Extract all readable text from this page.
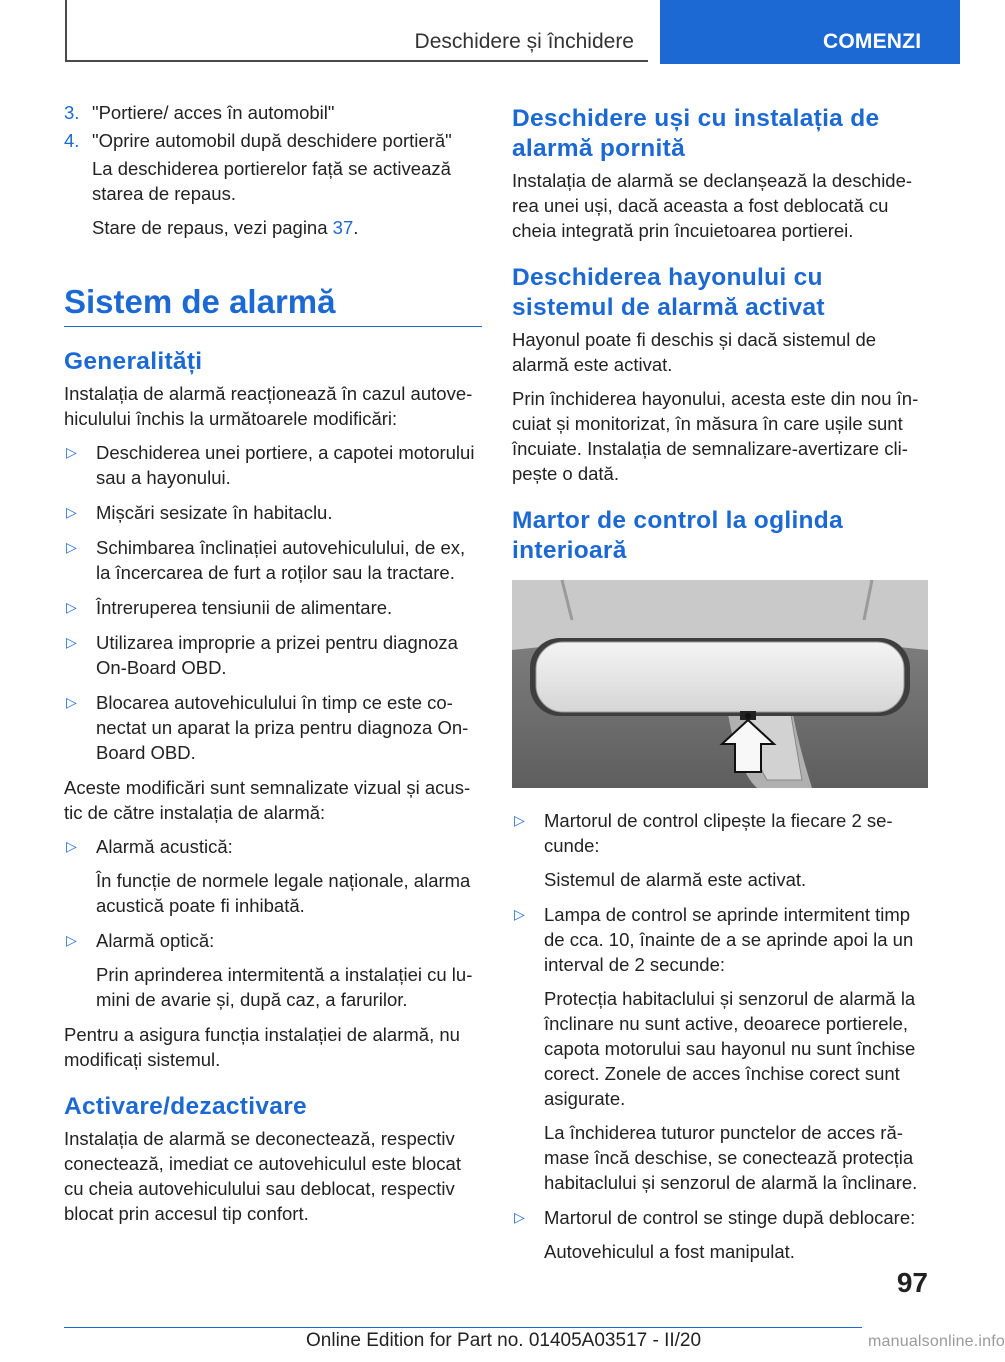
Deschidere și închidere	COMENZI
3. "Portiere/ acces în automobil"
4. "Oprire automobil după deschidere portieră"

La deschiderea portierelor față se activează starea de repaus.

Stare de repaus, vezi pagina 37.

Sistem de alarmă
Generalități

Instalația de alarmă reacționează în cazul autovehiculului închis la următoarele modificări:

▷	Deschiderea unei portiere, a capotei motorului sau a hayonului.
▷	Mișcări sesizate în habitaclu.
▷	Schimbarea înclinației autovehiculului, de ex, la încercarea de furt a roților sau la tractare.
▷	Întreruperea tensiunii de alimentare.
▷	Utilizarea improprie a prizei pentru diagnoza On-Board OBD.
▷	Blocarea autovehiculului în timp ce este conectat un aparat la priza pentru diagnoza On-Board OBD.

Aceste modificări sunt semnalizate vizual și acustic de către instalația de alarmă:

▷	Alarmă acustică:

În funcție de normele legale naționale, alarma acustică poate fi inhibată.

▷	Alarmă optică:

Prin aprinderea intermitentă a instalației cu lumini de avarie și, după caz, a farurilor.

Pentru a asigura funcția instalației de alarmă, nu modificați sistemul.

Activare/dezactivare

Instalația de alarmă se deconectează, respectiv conectează, imediat ce autovehiculul este blocat cu cheia autovehiculului sau deblocat, respectiv blocat prin accesul tip confort.

Deschidere uși cu instalația de alarmă pornită

Instalația de alarmă se declanșează la deschiderea unei uși, dacă aceasta a fost deblocată cu cheia integrată prin încuietoarea portierei.

Deschiderea hayonului cu sistemul de alarmă activat

Hayonul poate fi deschis și dacă sistemul de alarmă este activat.

Prin închiderea hayonului, acesta este din nou încuiat și monitorizat, în măsura în care ușile sunt încuiate. Instalația de semnalizare-avertizare clipește o dată.

Martor de control la oglinda interioară
▷	Martorul de control clipește la fiecare 2 secunde:

Sistemul de alarmă este activat.

▷	Lampa de control se aprinde intermitent timp de cca. 10, înainte de a se aprinde apoi la un interval de 2 secunde:

Protecția habitaclului și senzorul de alarmă la înclinare nu sunt active, deoarece portierele, capota motorului sau hayonul nu sunt închise corect. Zonele de acces închise corect sunt asigurate.

La închiderea tuturor punctelor de acces rămase încă deschise, se conectează protecția habitaclului și senzorul de alarmă la înclinare.

▷	Martorul de control se stinge după deblocare:

Autovehiculul a fost manipulat.

97
Online Edition for Part no. 01405A03517 - II/20	manualsonline.info
